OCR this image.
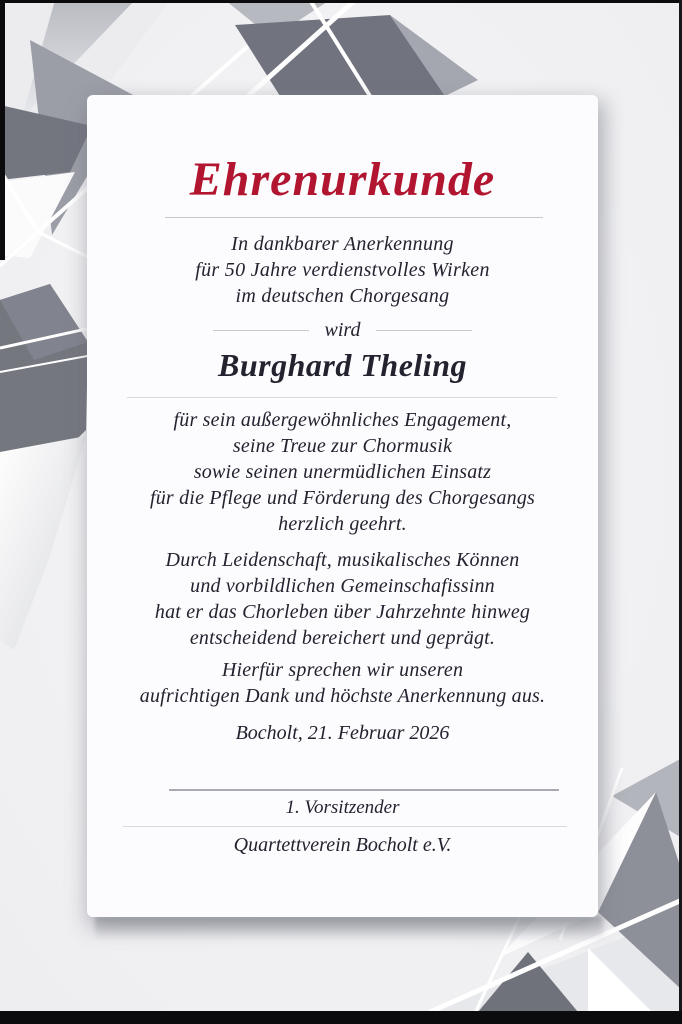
Ehrenurkunde
In dankbarer Anerkennung
für 50 Jahre verdienstvolles Wirken
im deutschen Chorgesang
wird
Burghard Theling
für sein außergewöhnliches Engagement,
seine Treue zur Chormusik
sowie seinen unermüdlichen Einsatz
für die Pflege und Förderung des Chorgesangs
herzlich geehrt.
Durch Leidenschaft, musikalisches Können
und vorbildlichen Gemeinschafissinn
hat er das Chorleben über Jahrzehnte hinweg
entscheidend bereichert und geprägt.
Hierfür sprechen wir unseren
aufrichtigen Dank und höchste Anerkennung aus.
Bocholt, 21. Februar 2026
1. Vorsitzender
Quartettverein Bocholt e.V.
